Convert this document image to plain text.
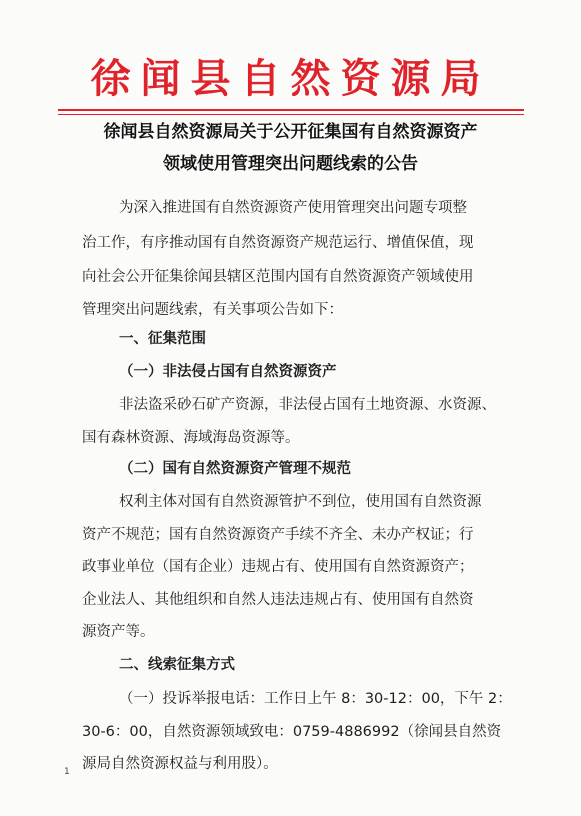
徐闻县自然资源局
徐闻县自然资源局关于公开征集国有自然资源资产
领域使用管理突出问题线索的公告
为深入推进国有自然资源资产使用管理突出问题专项整
治工作，有序推动国有自然资源资产规范运行、增值保值，现
向社会公开征集徐闻县辖区范围内国有自然资源资产领域使用
管理突出问题线索，有关事项公告如下：
一、征集范围
（一）非法侵占国有自然资源资产
非法盗采砂石矿产资源，非法侵占国有土地资源、水资源、
国有森林资源、海域海岛资源等。
（二）国有自然资源资产管理不规范
权利主体对国有自然资源管护不到位，使用国有自然资源
资产不规范；国有自然资源资产手续不齐全、未办产权证；行
政事业单位（国有企业）违规占有、使用国有自然资源资产；
企业法人、其他组织和自然人违法违规占有、使用国有自然资
源资产等。
二、线索征集方式
（一）投诉举报电话：工作日上午 8：30-12：00，下午 2：
30-6：00，自然资源领域致电：0759-4886992（徐闻县自然资
源局自然资源权益与利用股）。
1
